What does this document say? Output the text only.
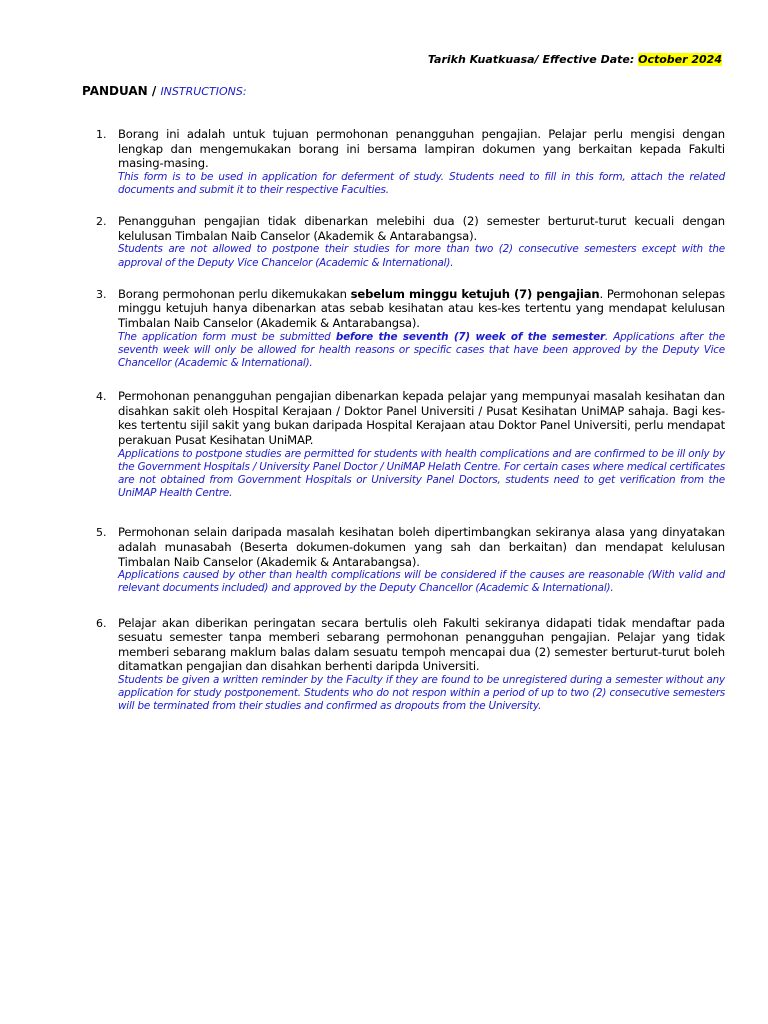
Tarikh Kuatkuasa/ Effective Date: October 2024
PANDUAN / INSTRUCTIONS:
1. Borang ini adalah untuk tujuan permohonan penangguhan pengajian. Pelajar perlu mengisi dengan lengkap dan mengemukakan borang ini bersama lampiran dokumen yang berkaitan kepada Fakulti masing-masing.
This form is to be used in application for deferment of study. Students need to fill in this form, attach the related documents and submit it to their respective Faculties.
2. Penangguhan pengajian tidak dibenarkan melebihi dua (2) semester berturut-turut kecuali dengan kelulusan Timbalan Naib Canselor (Akademik & Antarabangsa).
Students are not allowed to postpone their studies for more than two (2) consecutive semesters except with the approval of the Deputy Vice Chancelor (Academic & International).
3. Borang permohonan perlu dikemukakan sebelum minggu ketujuh (7) pengajian. Permohonan selepas minggu ketujuh hanya dibenarkan atas sebab kesihatan atau kes-kes tertentu yang mendapat kelulusan Timbalan Naib Canselor (Akademik & Antarabangsa).
The application form must be submitted before the seventh (7) week of the semester. Applications after the seventh week will only be allowed for health reasons or specific cases that have been approved by the Deputy Vice Chancellor (Academic & International).
4. Permohonan penangguhan pengajian dibenarkan kepada pelajar yang mempunyai masalah kesihatan dan disahkan sakit oleh Hospital Kerajaan / Doktor Panel Universiti / Pusat Kesihatan UniMAP sahaja. Bagi kes-kes tertentu sijil sakit yang bukan daripada Hospital Kerajaan atau Doktor Panel Universiti, perlu mendapat perakuan Pusat Kesihatan UniMAP.
Applications to postpone studies are permitted for students with health complications and are confirmed to be ill only by the Government Hospitals / University Panel Doctor / UniMAP Helath Centre. For certain cases where medical certificates are not obtained from Government Hospitals or University Panel Doctors, students need to get verification from the UniMAP Health Centre.
5. Permohonan selain daripada masalah kesihatan boleh dipertimbangkan sekiranya alasa yang dinyatakan adalah munasabah (Beserta dokumen-dokumen yang sah dan berkaitan) dan mendapat kelulusan Timbalan Naib Canselor (Akademik & Antarabangsa).
Applications caused by other than health complications will be considered if the causes are reasonable (With valid and relevant documents included) and approved by the Deputy Chancellor (Academic & International).
6. Pelajar akan diberikan peringatan secara bertulis oleh Fakulti sekiranya didapati tidak mendaftar pada sesuatu semester tanpa memberi sebarang permohonan penangguhan pengajian. Pelajar yang tidak memberi sebarang maklum balas dalam sesuatu tempoh mencapai dua (2) semester berturut-turut boleh ditamatkan pengajian dan disahkan berhenti daripda Universiti.
Students be given a written reminder by the Faculty if they are found to be unregistered during a semester without any application for study postponement. Students who do not respon within a period of up to two (2) consecutive semesters will be terminated from their studies and confirmed as dropouts from the University.
